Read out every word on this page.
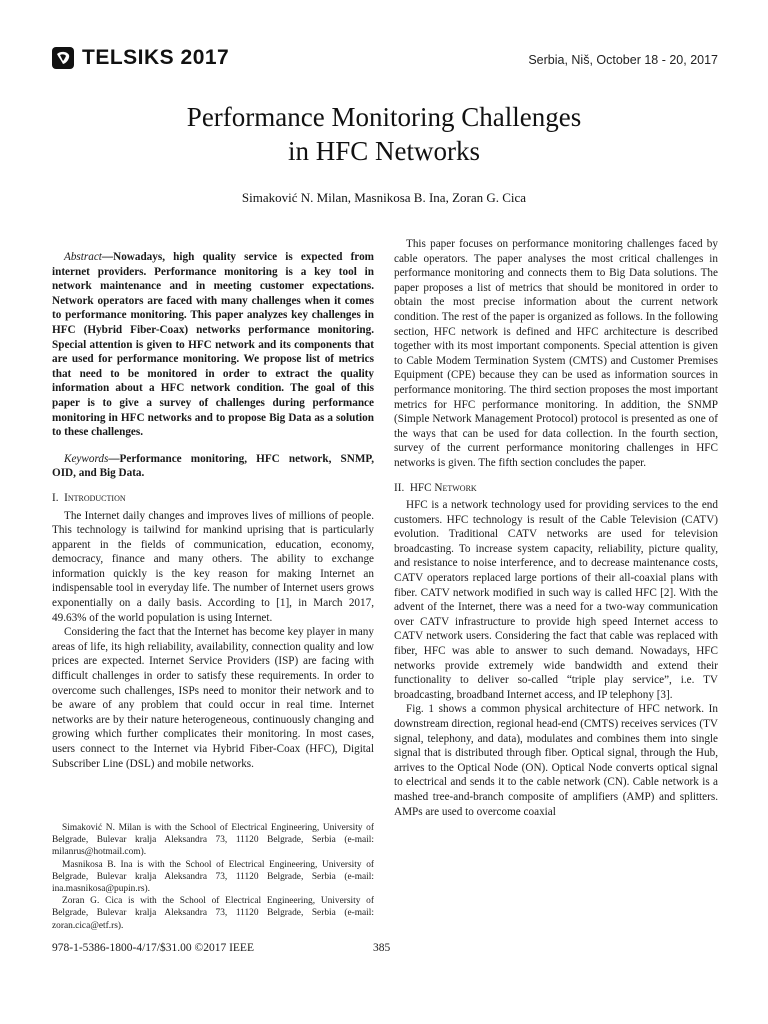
TELSIKS 2017	Serbia, Niš, October 18 - 20, 2017
Performance Monitoring Challenges
in HFC Networks
Simaković N. Milan, Masnikosa B. Ina, Zoran G. Cica

Abstract—Nowadays, high quality service is expected from internet providers. Performance monitoring is a key tool in network maintenance and in meeting customer expectations. Network operators are faced with many challenges when it comes to performance monitoring. This paper analyzes key challenges in HFC (Hybrid Fiber-Coax) networks performance monitoring. Special attention is given to HFC network and its components that are used for performance monitoring. We propose list of metrics that need to be monitored in order to extract the quality information about a HFC network condition. The goal of this paper is to give a survey of challenges during performance monitoring in HFC networks and to propose Big Data as a solution to these challenges.

Keywords—Performance monitoring, HFC network, SNMP, OID, and Big Data.

I. Introduction

The Internet daily changes and improves lives of millions of people. This technology is tailwind for mankind uprising that is particularly apparent in the fields of communication, education, economy, democracy, finance and many others. The ability to exchange information quickly is the key reason for making Internet an indispensable tool in everyday life. The number of Internet users grows exponentially on a daily basis. According to [1], in March 2017, 49.63% of the world population is using Internet.

Considering the fact that the Internet has become key player in many areas of life, its high reliability, availability, connection quality and low prices are expected. Internet Service Providers (ISP) are facing with difficult challenges in order to satisfy these requirements. In order to overcome such challenges, ISPs need to monitor their network and to be aware of any problem that could occur in real time. Internet networks are by their nature heterogeneous, continuously changing and growing which further complicates their monitoring. In most cases, users connect to the Internet via Hybrid Fiber-Coax (HFC), Digital Subscriber Line (DSL) and mobile networks.

This paper focuses on performance monitoring challenges faced by cable operators. The paper analyses the most critical challenges in performance monitoring and connects them to Big Data solutions. The paper proposes a list of metrics that should be monitored in order to obtain the most precise information about the current network condition. The rest of the paper is organized as follows. In the following section, HFC network is defined and HFC architecture is described together with its most important components. Special attention is given to Cable Modem Termination System (CMTS) and Customer Premises Equipment (CPE) because they can be used as information sources in performance monitoring. The third section proposes the most important metrics for HFC performance monitoring. In addition, the SNMP (Simple Network Management Protocol) protocol is presented as one of the ways that can be used for data collection. In the fourth section, survey of the current performance monitoring challenges in HFC networks is given. The fifth section concludes the paper.

II. HFC Network

HFC is a network technology used for providing services to the end customers. HFC technology is result of the Cable Television (CATV) evolution. Traditional CATV networks are used for television broadcasting. To increase system capacity, reliability, picture quality, and resistance to noise interference, and to decrease maintenance costs, CATV operators replaced large portions of their all-coaxial plans with fiber. CATV network modified in such way is called HFC [2]. With the advent of the Internet, there was a need for a two-way communication over CATV infrastructure to provide high speed Internet access to CATV network users. Considering the fact that cable was replaced with fiber, HFC was able to answer to such demand. Nowadays, HFC networks provide extremely wide bandwidth and extend their functionality to deliver so-called “triple play service”, i.e. TV broadcasting, broadband Internet access, and IP telephony [3].

Fig. 1 shows a common physical architecture of HFC network. In downstream direction, regional head-end (CMTS) receives services (TV signal, telephony, and data), modulates and combines them into single signal that is distributed through fiber. Optical signal, through the Hub, arrives to the Optical Node (ON). Optical Node converts optical signal to electrical and sends it to the cable network (CN). Cable network is a mashed tree-and-branch composite of amplifiers (AMP) and splitters. AMPs are used to overcome coaxial

Simaković N. Milan is with the School of Electrical Engineering, University of Belgrade, Bulevar kralja Aleksandra 73, 11120 Belgrade, Serbia (e-mail: milanrus@hotmail.com).

Masnikosa B. Ina is with the School of Electrical Engineering, University of Belgrade, Bulevar kralja Aleksandra 73, 11120 Belgrade, Serbia (e-mail: ina.masnikosa@pupin.rs).

Zoran G. Cica is with the School of Electrical Engineering, University of Belgrade, Bulevar kralja Aleksandra 73, 11120 Belgrade, Serbia (e-mail: zoran.cica@etf.rs).

978-1-5386-1800-4/17/$31.00 ©2017 IEEE	385
